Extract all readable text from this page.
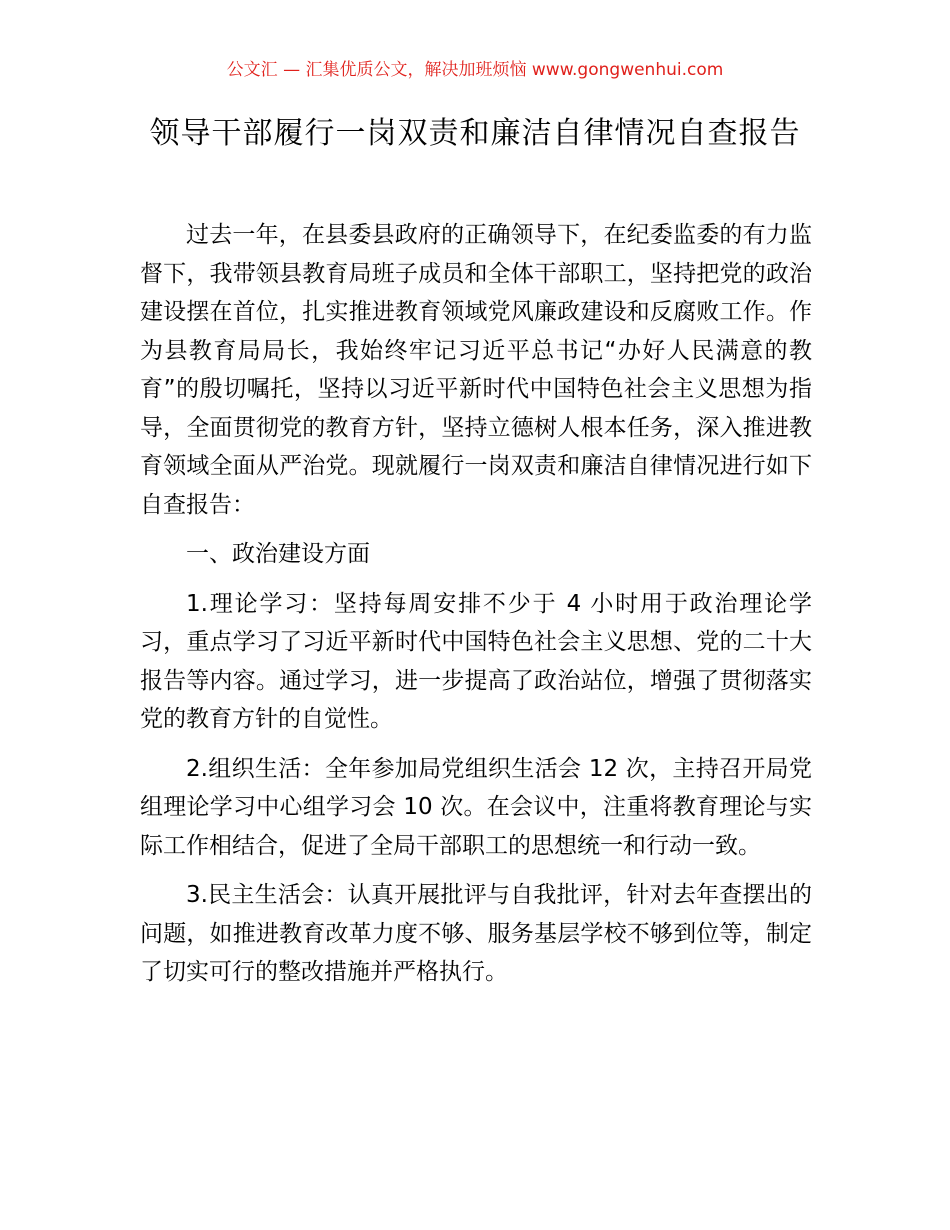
公文汇 — 汇集优质公文，解决加班烦恼 www.gongwenhui.com
领导干部履行一岗双责和廉洁自律情况自查报告

过去一年，在县委县政府的正确领导下，在纪委监委的有力监督下，我带领县教育局班子成员和全体干部职工，坚持把党的政治建设摆在首位，扎实推进教育领域党风廉政建设和反腐败工作。作为县教育局局长，我始终牢记习近平总书记“办好人民满意的教育”的殷切嘱托，坚持以习近平新时代中国特色社会主义思想为指导，全面贯彻党的教育方针，坚持立德树人根本任务，深入推进教育领域全面从严治党。现就履行一岗双责和廉洁自律情况进行如下自查报告：

一、政治建设方面

1.理论学习：坚持每周安排不少于 4 小时用于政治理论学习，重点学习了习近平新时代中国特色社会主义思想、党的二十大报告等内容。通过学习，进一步提高了政治站位，增强了贯彻落实党的教育方针的自觉性。

2.组织生活：全年参加局党组织生活会 12 次，主持召开局党组理论学习中心组学习会 10 次。在会议中，注重将教育理论与实际工作相结合，促进了全局干部职工的思想统一和行动一致。

3.民主生活会：认真开展批评与自我批评，针对去年查摆出的问题，如推进教育改革力度不够、服务基层学校不够到位等，制定了切实可行的整改措施并严格执行。
